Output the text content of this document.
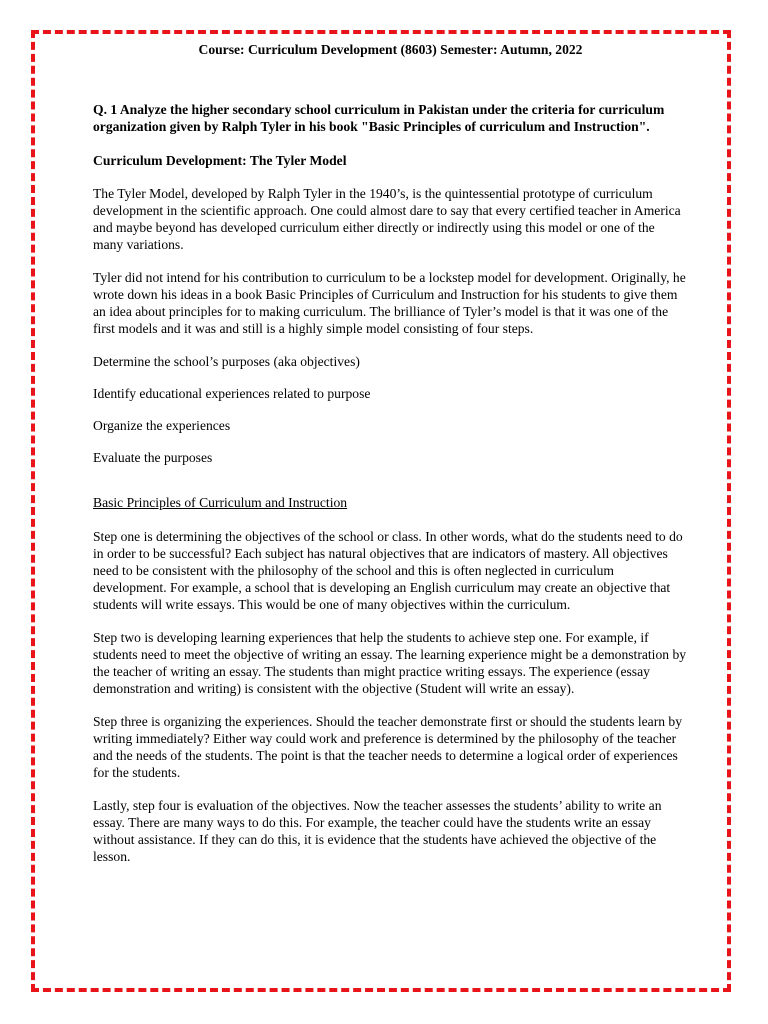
Course: Curriculum Development (8603) Semester: Autumn, 2022
Q. 1 Analyze the higher secondary school curriculum in Pakistan under the criteria for curriculum organization given by Ralph Tyler in his book "Basic Principles of curriculum and Instruction".
Curriculum Development: The Tyler Model

The Tyler Model, developed by Ralph Tyler in the 1940’s, is the quintessential prototype of curriculum development in the scientific approach. One could almost dare to say that every certified teacher in America and maybe beyond has developed curriculum either directly or indirectly using this model or one of the many variations.

Tyler did not intend for his contribution to curriculum to be a lockstep model for development. Originally, he wrote down his ideas in a book Basic Principles of Curriculum and Instruction for his students to give them an idea about principles for to making curriculum. The brilliance of Tyler’s model is that it was one of the first models and it was and still is a highly simple model consisting of four steps.

Determine the school’s purposes (aka objectives)
Identify educational experiences related to purpose
Organize the experiences
Evaluate the purposes
Basic Principles of Curriculum and Instruction

Step one is determining the objectives of the school or class. In other words, what do the students need to do in order to be successful? Each subject has natural objectives that are indicators of mastery. All objectives need to be consistent with the philosophy of the school and this is often neglected in curriculum development. For example, a school that is developing an English curriculum may create an objective that students will write essays. This would be one of many objectives within the curriculum.

Step two is developing learning experiences that help the students to achieve step one. For example, if students need to meet the objective of writing an essay. The learning experience might be a demonstration by the teacher of writing an essay. The students than might practice writing essays. The experience (essay demonstration and writing) is consistent with the objective (Student will write an essay).

Step three is organizing the experiences. Should the teacher demonstrate first or should the students learn by writing immediately? Either way could work and preference is determined by the philosophy of the teacher and the needs of the students. The point is that the teacher needs to determine a logical order of experiences for the students.

Lastly, step four is evaluation of the objectives. Now the teacher assesses the students’ ability to write an essay. There are many ways to do this. For example, the teacher could have the students write an essay without assistance. If they can do this, it is evidence that the students have achieved the objective of the lesson.
